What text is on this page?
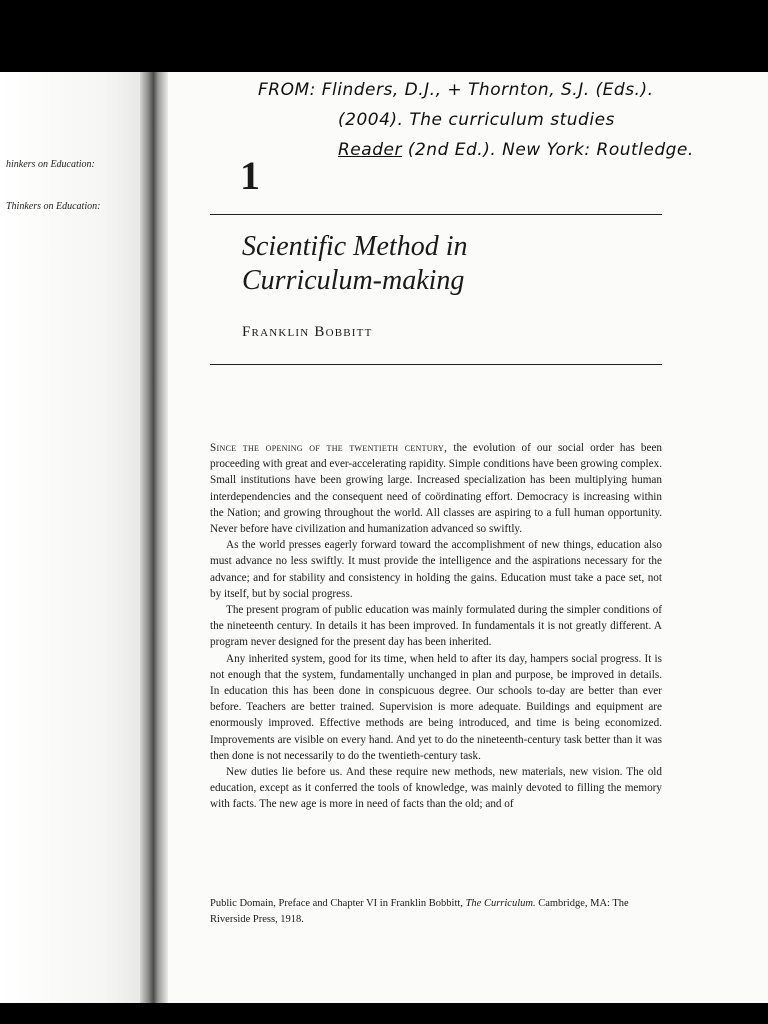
hinkers on Education:
Thinkers on Education:
FROM: Flinders, D.J., + Thornton, S.J. (Eds.).
(2004). The curriculum studies
Reader (2nd Ed.). New York: Routledge.
1
Scientific Method in
Curriculum-making
Franklin Bobbitt

Since the opening of the twentieth century, the evolution of our social order has been proceeding with great and ever-accelerating rapidity. Simple conditions have been growing complex. Small institutions have been growing large. Increased specialization has been multiplying human interdependencies and the consequent need of coördinating effort. Democracy is increasing within the Nation; and growing throughout the world. All classes are aspiring to a full human opportunity. Never before have civilization and humanization advanced so swiftly.

As the world presses eagerly forward toward the accomplishment of new things, education also must advance no less swiftly. It must provide the intelligence and the aspirations necessary for the advance; and for stability and consistency in holding the gains. Education must take a pace set, not by itself, but by social progress.

The present program of public education was mainly formulated during the simpler conditions of the nineteenth century. In details it has been improved. In fundamentals it is not greatly different. A program never designed for the present day has been inherited.

Any inherited system, good for its time, when held to after its day, hampers social progress. It is not enough that the system, fundamentally unchanged in plan and purpose, be improved in details. In education this has been done in conspicuous degree. Our schools to-day are better than ever before. Teachers are better trained. Supervision is more adequate. Buildings and equipment are enormously improved. Effective methods are being introduced, and time is being economized. Improvements are visible on every hand. And yet to do the nineteenth-century task better than it was then done is not necessarily to do the twentieth-century task.

New duties lie before us. And these require new methods, new materials, new vision. The old education, except as it conferred the tools of knowledge, was mainly devoted to filling the memory with facts. The new age is more in need of facts than the old; and of

Public Domain, Preface and Chapter VI in Franklin Bobbitt, The Curriculum. Cambridge, MA: The Riverside Press, 1918.
